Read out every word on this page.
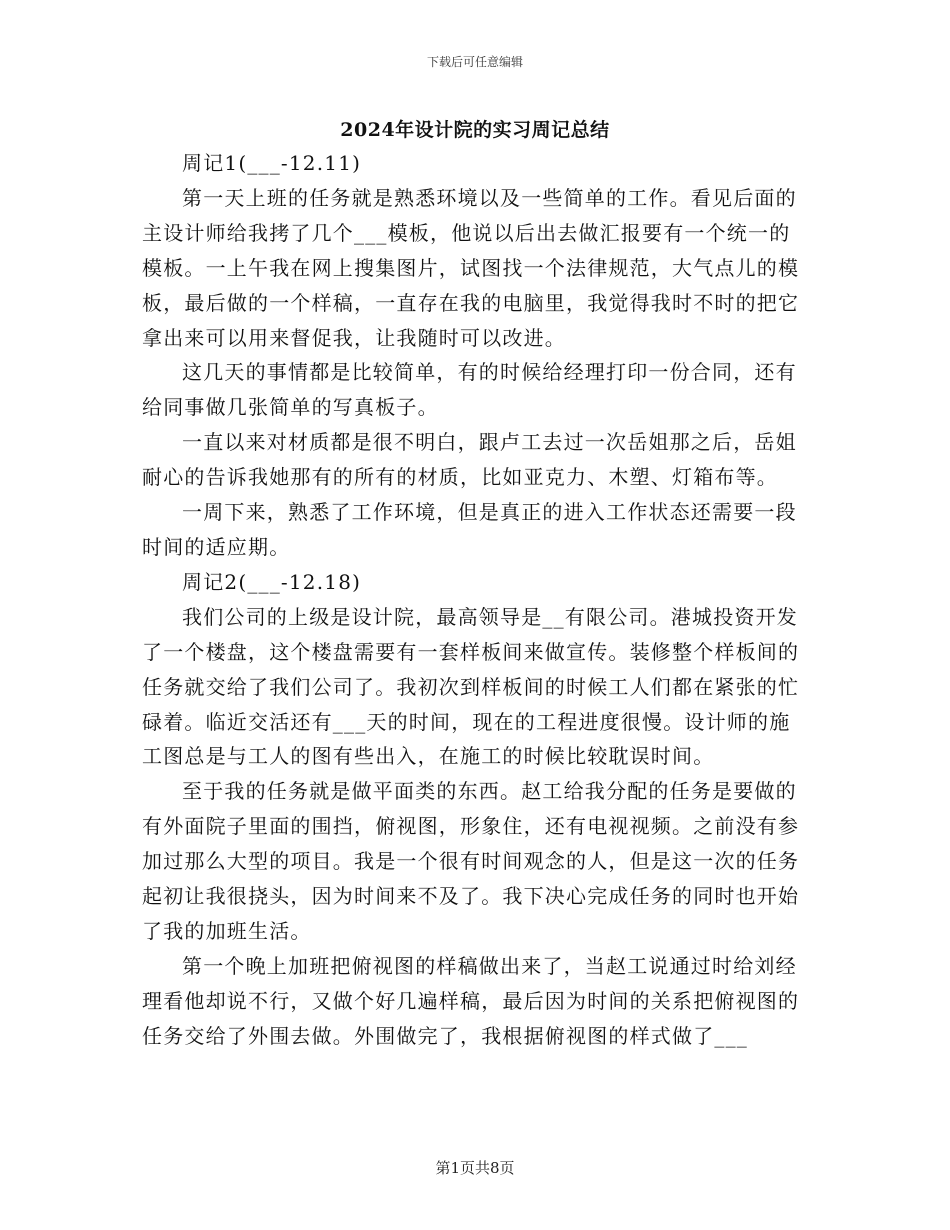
下载后可任意编辑
2024年设计院的实习周记总结

周记1(___-12.11)

第一天上班的任务就是熟悉环境以及一些简单的工作。看见后面的主设计师给我拷了几个___模板，他说以后出去做汇报要有一个统一的模板。一上午我在网上搜集图片，试图找一个法律规范，大气点儿的模板，最后做的一个样稿，一直存在我的电脑里，我觉得我时不时的把它拿出来可以用来督促我，让我随时可以改进。

这几天的事情都是比较简单，有的时候给经理打印一份合同，还有给同事做几张简单的写真板子。

一直以来对材质都是很不明白，跟卢工去过一次岳姐那之后，岳姐耐心的告诉我她那有的所有的材质，比如亚克力、木塑、灯箱布等。

一周下来，熟悉了工作环境，但是真正的进入工作状态还需要一段时间的适应期。

周记2(___-12.18)

我们公司的上级是设计院，最高领导是__有限公司。港城投资开发了一个楼盘，这个楼盘需要有一套样板间来做宣传。装修整个样板间的任务就交给了我们公司了。我初次到样板间的时候工人们都在紧张的忙碌着。临近交活还有___天的时间，现在的工程进度很慢。设计师的施工图总是与工人的图有些出入，在施工的时候比较耽误时间。

至于我的任务就是做平面类的东西。赵工给我分配的任务是要做的有外面院子里面的围挡，俯视图，形象住，还有电视视频。之前没有参加过那么大型的项目。我是一个很有时间观念的人，但是这一次的任务起初让我很挠头，因为时间来不及了。我下决心完成任务的同时也开始了我的加班生活。

第一个晚上加班把俯视图的样稿做出来了，当赵工说通过时给刘经理看他却说不行，又做个好几遍样稿，最后因为时间的关系把俯视图的任务交给了外围去做。外围做完了，我根据俯视图的样式做了___

第1页共8页
